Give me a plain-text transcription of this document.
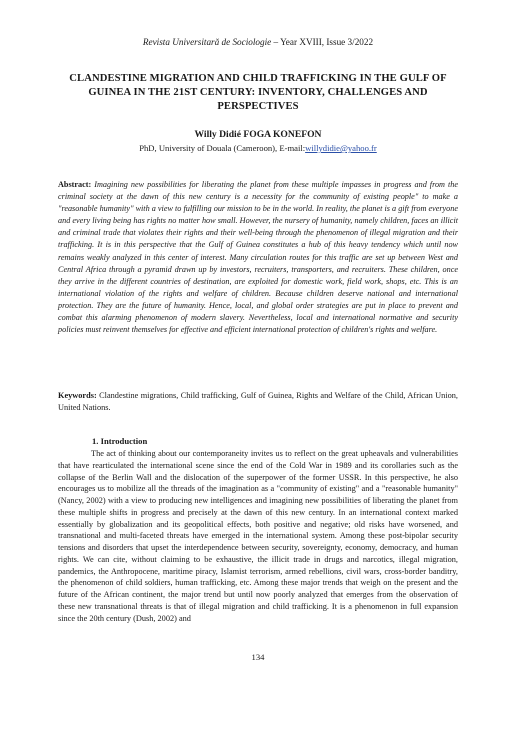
Revista Universitară de Sociologie – Year XVIII, Issue 3/2022
CLANDESTINE MIGRATION AND CHILD TRAFFICKING IN THE GULF OF GUINEA IN THE 21ST CENTURY: INVENTORY, CHALLENGES AND PERSPECTIVES
Willy Didié FOGA KONEFON
PhD, University of Douala (Cameroon), E-mail:willydidie@yahoo.fr
Abstract: Imagining new possibilities for liberating the planet from these multiple impasses in progress and from the criminal society at the dawn of this new century is a necessity for the community of existing people" to make a "reasonable humanity" with a view to fulfilling our mission to be in the world. In reality, the planet is a gift from everyone and every living being has rights no matter how small. However, the nursery of humanity, namely children, faces an illicit and criminal trade that violates their rights and their well-being through the phenomenon of illegal migration and their trafficking. It is in this perspective that the Gulf of Guinea constitutes a hub of this heavy tendency which until now remains weakly analyzed in this center of interest. Many circulation routes for this traffic are set up between West and Central Africa through a pyramid drawn up by investors, recruiters, transporters, and recruiters. These children, once they arrive in the different countries of destination, are exploited for domestic work, field work, shops, etc. This is an international violation of the rights and welfare of children. Because children deserve national and international protection. They are the future of humanity. Hence, local, and global order strategies are put in place to prevent and combat this alarming phenomenon of modern slavery. Nevertheless, local and international normative and security policies must reinvent themselves for effective and efficient international protection of children's rights and welfare.
Keywords: Clandestine migrations, Child trafficking, Gulf of Guinea, Rights and Welfare of the Child, African Union, United Nations.
1. Introduction
The act of thinking about our contemporaneity invites us to reflect on the great upheavals and vulnerabilities that have rearticulated the international scene since the end of the Cold War in 1989 and its corollaries such as the collapse of the Berlin Wall and the dislocation of the superpower of the former USSR. In this perspective, he also encourages us to mobilize all the threads of the imagination as a "community of existing" and a "reasonable humanity" (Nancy, 2002) with a view to producing new intelligences and imagining new possibilities of liberating the planet from these multiple shifts in progress and precisely at the dawn of this new century. In an international context marked essentially by globalization and its geopolitical effects, both positive and negative; old risks have worsened, and transnational and multi-faceted threats have emerged in the international system. Among these post-bipolar security tensions and disorders that upset the interdependence between security, sovereignty, economy, democracy, and human rights. We can cite, without claiming to be exhaustive, the illicit trade in drugs and narcotics, illegal migration, pandemics, the Anthropocene, maritime piracy, Islamist terrorism, armed rebellions, civil wars, cross-border banditry, the phenomenon of child soldiers, human trafficking, etc. Among these major trends that weigh on the present and the future of the African continent, the major trend but until now poorly analyzed that emerges from the observation of these new transnational threats is that of illegal migration and child trafficking. It is a phenomenon in full expansion since the 20th century (Dush, 2002) and
134
